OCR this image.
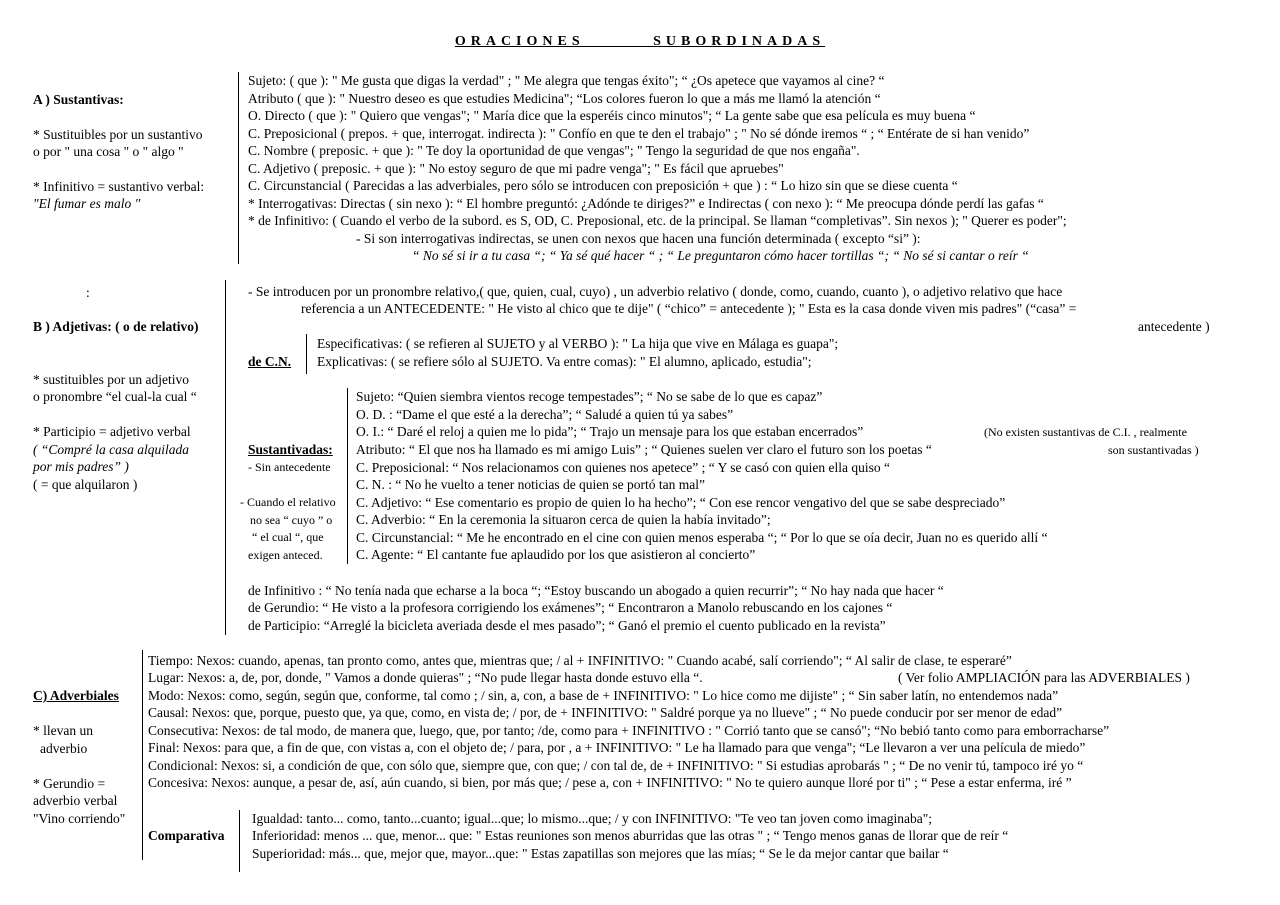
ORACIONES SUBORDINADAS
A ) Sustantivas:
* Sustituibles por un sustantivo
o por " una cosa " o " algo "
* Infinitivo = sustantivo verbal:
"El fumar es malo "
Sujeto: ( que ): " Me gusta que digas la verdad" ; " Me alegra que tengas éxito"; “ ¿Os apetece que vayamos al cine? “
Atributo ( que ): " Nuestro deseo es que estudies Medicina"; “Los colores fueron lo que a más me llamó la atención “
O. Directo ( que ): " Quiero que vengas"; " María dice que la esperéis cinco minutos"; “ La gente sabe que esa película es muy buena “
C. Preposicional ( prepos. + que, interrogat. indirecta ): " Confío en que te den el trabajo" ; " No sé dónde iremos “ ; “ Entérate de si han venido”
C. Nombre ( preposic. + que ): " Te doy la oportunidad de que vengas"; " Tengo la seguridad de que nos engaña".
C. Adjetivo ( preposic. + que ): " No estoy seguro de que mi padre venga"; " Es fácil que apruebes"
C. Circunstancial ( Parecidas a las adverbiales, pero sólo se introducen con preposición + que ) : “ Lo hizo sin que se diese cuenta “
* Interrogativas: Directas ( sin nexo ): “ El hombre preguntó: ¿Adónde te diriges?” e Indirectas ( con nexo ): “ Me preocupa dónde perdí las gafas “
* de Infinitivo: ( Cuando el verbo de la subord. es S, OD, C. Preposional, etc. de la principal. Se llaman “completivas”. Sin nexos ); " Querer es poder";
- Si son interrogativas indirectas, se unen con nexos que hacen una función determinada ( excepto “si” ):
“ No sé si ir a tu casa “; “ Ya sé qué hacer “ ; “ Le preguntaron cómo hacer tortillas “; “ No sé si cantar o reír “
:
B ) Adjetivas: ( o de relativo)
* sustituibles por un adjetivo
o pronombre “el cual-la cual “
* Participio = adjetivo verbal
( “Compré la casa alquilada
por mis padres” )
( = que alquilaron )
- Se introducen por un pronombre relativo,( que, quien, cual, cuyo) , un adverbio relativo ( donde, como, cuando, cuanto ), o adjetivo relativo que hace
referencia a un ANTECEDENTE: " He visto al chico que te dije" ( “chico” = antecedente ); " Esta es la casa donde viven mis padres" (“casa” =
antecedente )
de C.N.
Especificativas: ( se refieren al SUJETO y al VERBO ): " La hija que vive en Málaga es guapa";
Explicativas: ( se refiere sólo al SUJETO. Va entre comas): " El alumno, aplicado, estudia";
Sustantivadas:
- Sin antecedente
- Cuando el relativo
no sea “ cuyo ” o
“ el cual “, que
exigen anteced.
Sujeto: “Quien siembra vientos recoge tempestades”; “ No se sabe de lo que es capaz”
O. D. : “Dame el que esté a la derecha”; “ Saludé a quien tú ya sabes”
O. I.: “ Daré el reloj a quien me lo pida”; “ Trajo un mensaje para los que estaban encerrados”
Atributo: “ El que nos ha llamado es mi amigo Luis” ; “ Quienes suelen ver claro el futuro son los poetas “
C. Preposicional: “ Nos relacionamos con quienes nos apetece” ; “ Y se casó con quien ella quiso “
C. N. : “ No he vuelto a tener noticias de quien se portó tan mal”
C. Adjetivo: “ Ese comentario es propio de quien lo ha hecho”; “ Con ese rencor vengativo del que se sabe despreciado”
C. Adverbio: “ En la ceremonia la situaron cerca de quien la había invitado”;
C. Circunstancial: “ Me he encontrado en el cine con quien menos esperaba “; “ Por lo que se oía decir, Juan no es querido allí “
C. Agente: “ El cantante fue aplaudido por los que asistieron al concierto”
(No existen sustantivas de C.I. , realmente
son sustantivadas )
de Infinitivo : “ No tenía nada que echarse a la boca “; “Estoy buscando un abogado a quien recurrir”; “ No hay nada que hacer “
de Gerundio: “ He visto a la profesora corrigiendo los exámenes”; “ Encontraron a Manolo rebuscando en los cajones “
de Participio: “Arreglé la bicicleta averiada desde el mes pasado”; “ Ganó el premio el cuento publicado en la revista”
C) Adverbiales
* llevan un
adverbio
* Gerundio =
adverbio verbal
"Vino corriendo"
Tiempo: Nexos: cuando, apenas, tan pronto como, antes que, mientras que; / al + INFINITIVO: " Cuando acabé, salí corriendo"; “ Al salir de clase, te esperaré”
Lugar: Nexos: a, de, por, donde, " Vamos a donde quieras" ; “No pude llegar hasta donde estuvo ella “.	( Ver folio AMPLIACIÓN para las ADVERBIALES )
Modo: Nexos: como, según, según que, conforme, tal como ; / sin, a, con, a base de + INFINITIVO: " Lo hice como me dijiste" ; “ Sin saber latín, no entendemos nada”
Causal: Nexos: que, porque, puesto que, ya que, como, en vista de; / por, de + INFINITIVO: " Saldré porque ya no llueve" ; “ No puede conducir por ser menor de edad”
Consecutiva: Nexos: de tal modo, de manera que, luego, que, por tanto; /de, como para + INFINITIVO : " Corrió tanto que se cansó"; “No bebió tanto como para emborracharse”
Final: Nexos: para que, a fin de que, con vistas a, con el objeto de; / para, por , a + INFINITIVO: " Le ha llamado para que venga"; “Le llevaron a ver una película de miedo”
Condicional: Nexos: si, a condición de que, con sólo que, siempre que, con que; / con tal de, de + INFINITIVO: " Si estudias aprobarás " ; “ De no venir tú, tampoco iré yo “
Concesiva: Nexos: aunque, a pesar de, así, aún cuando, si bien, por más que; / pese a, con + INFINITIVO: " No te quiero aunque lloré por ti" ; “ Pese a estar enferma, iré ”
Comparativa
Igualdad: tanto... como, tanto...cuanto; igual...que; lo mismo...que; / y con INFINITIVO: "Te veo tan joven como imaginaba";
Inferioridad: menos ... que, menor... que: " Estas reuniones son menos aburridas que las otras " ; “ Tengo menos ganas de llorar que de reír “
Superioridad: más... que, mejor que, mayor...que: " Estas zapatillas son mejores que las mías; “ Se le da mejor cantar que bailar “
